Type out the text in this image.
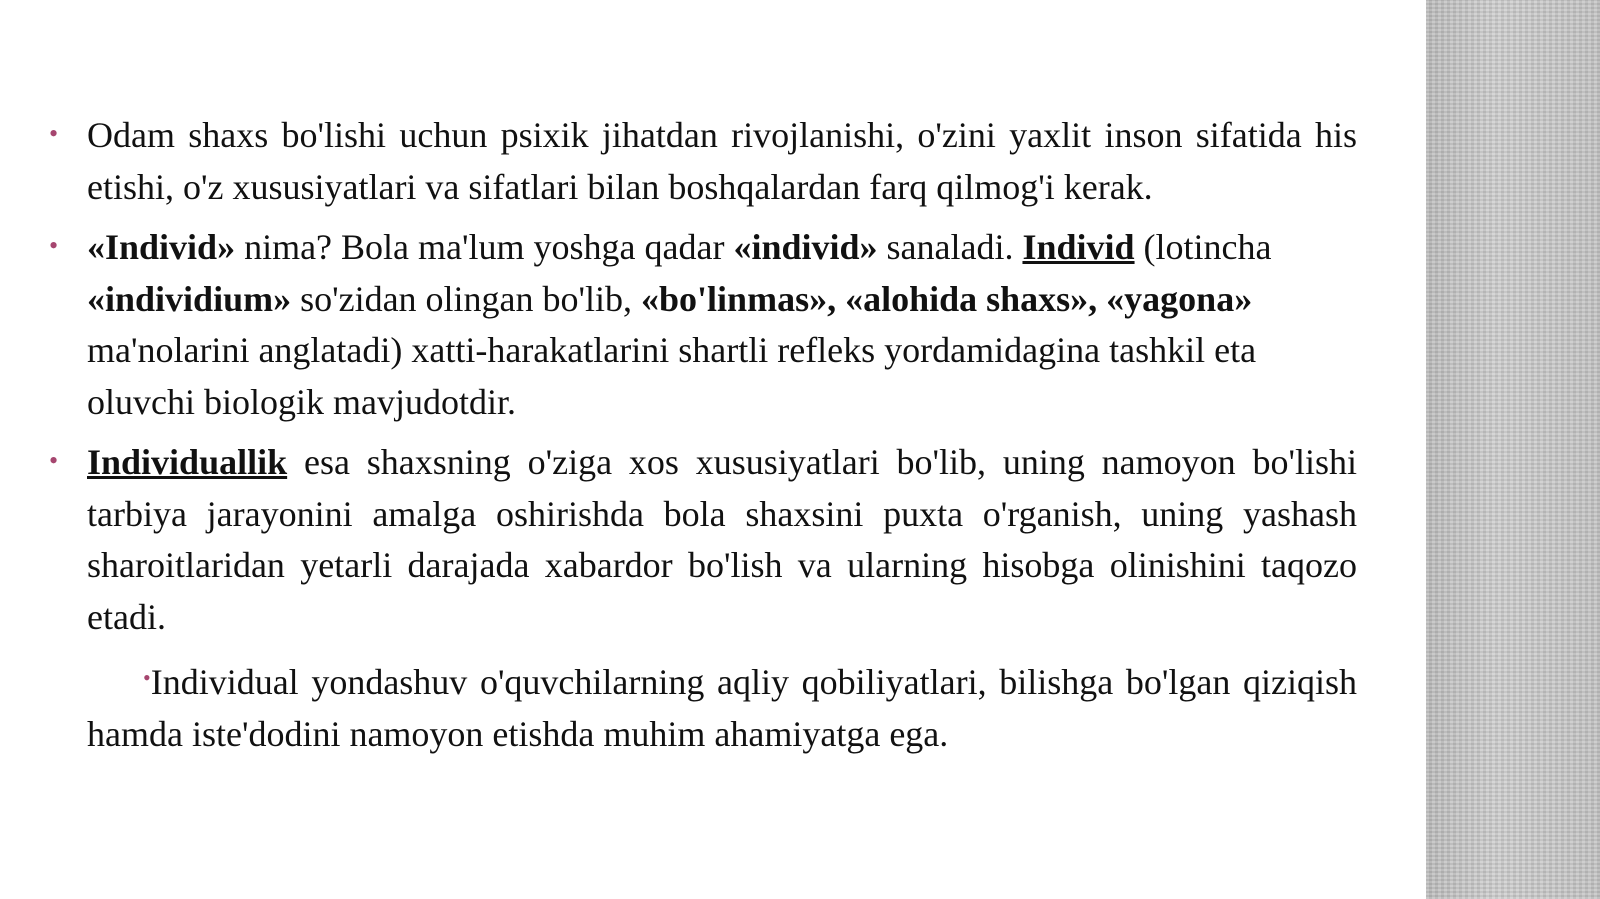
• Odam shaxs bo'lishi uchun psixik jihatdan rivojlanishi, o'zini yaxlit inson sifatida his etishi, o'z xususiyatlari va sifatlari bilan boshqalardan farq qilmog'i kerak.

• «Individ» nima? Bola ma'lum yoshga qadar «individ» sanaladi. Individ (lotincha «individium» so'zidan olingan bo'lib, «bo'linmas», «alohida shaxs», «yagona» ma'nolarini anglatadi) xatti-harakatlarini shartli refleks yordamidagina tashkil eta oluvchi biologik mavjudotdir.

• Individuallik esa shaxsning o'ziga xos xususiyatlari bo'lib, uning namoyon bo'lishi tarbiya jarayonini amalga oshirishda bola shaxsini puxta o'rganish, uning yashash sharoitlaridan yetarli darajada xabardor bo'lish va ularning hisobga olinishini taqozo etadi.

•Individual yondashuv o'quvchilarning aqliy qobiliyatlari, bilishga bo'lgan qiziqish hamda iste'dodini namoyon etishda muhim ahamiyatga ega.
